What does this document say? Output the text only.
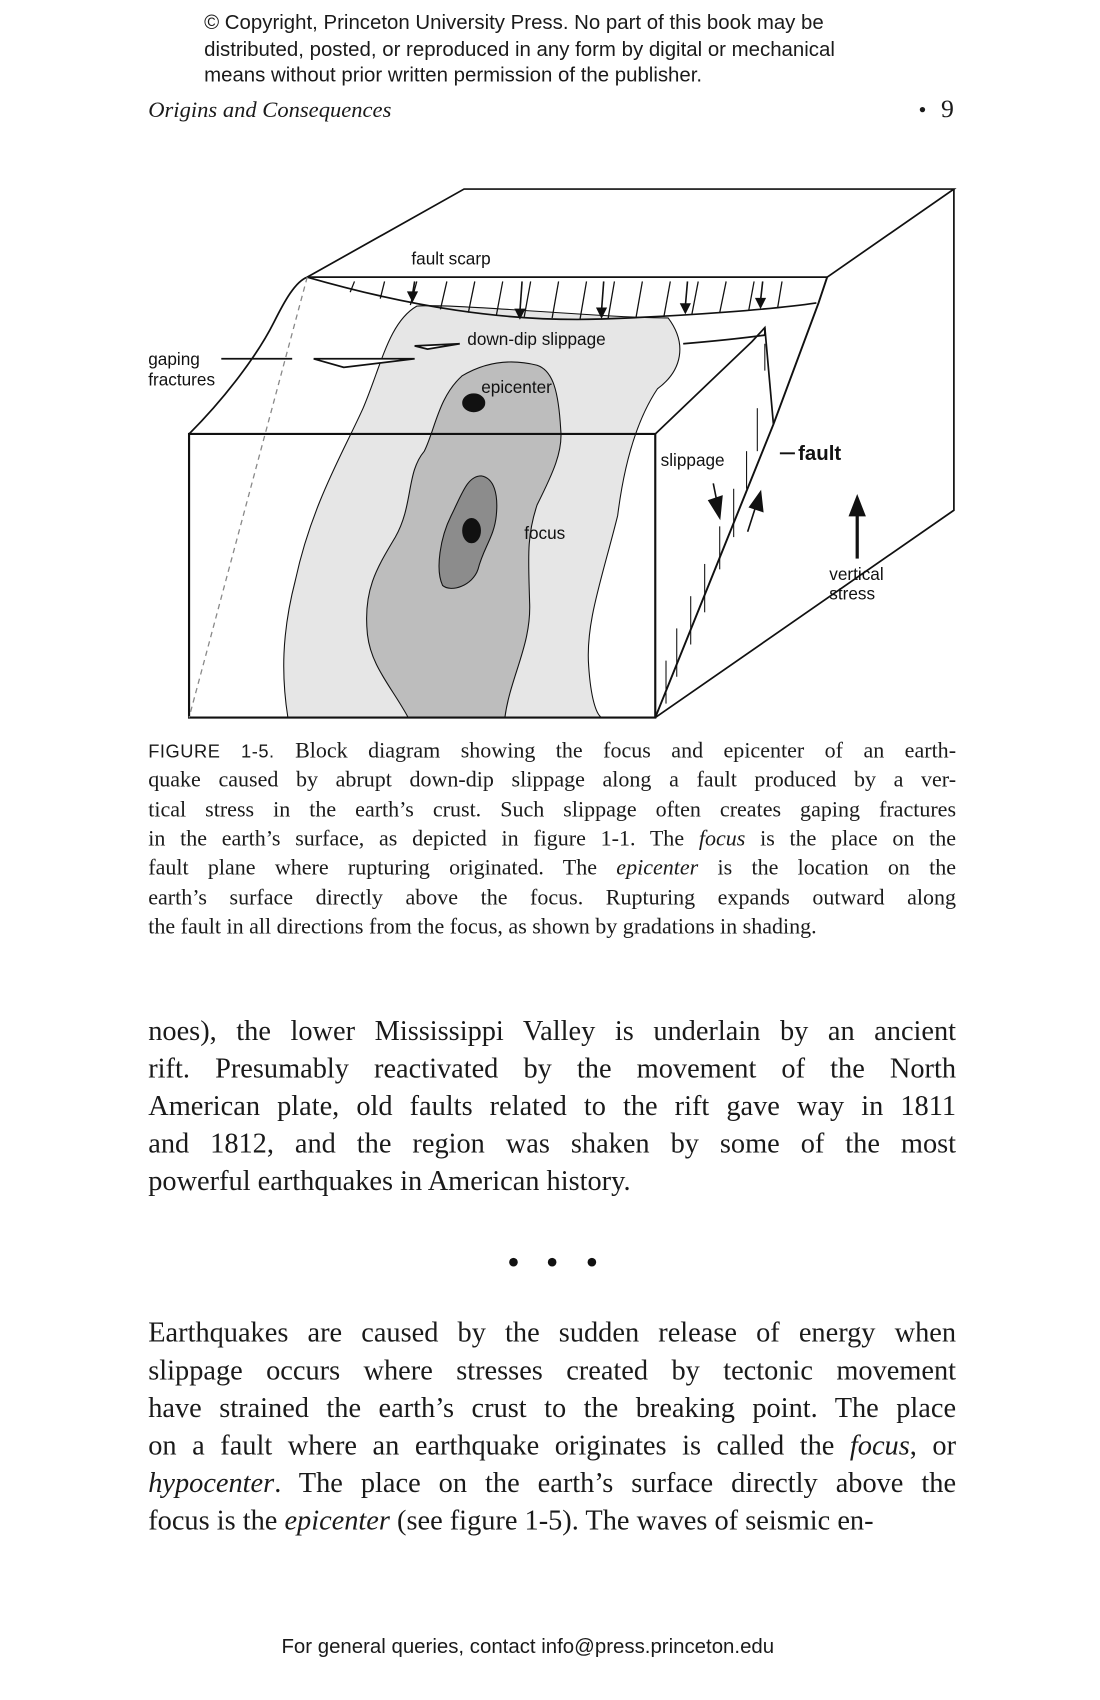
© Copyright, Princeton University Press. No part of this book may be
distributed, posted, or reproduced in any form by digital or mechanical
means without prior written permission of the publisher.
Origins and Consequences	• 9
fault scarp
down-dip slippage
gaping
fractures	epicenter
slippage	fault
focus
vertical
stress
FIGURE 1-5. Block diagram showing the focus and epicenter of an earth-
quake caused by abrupt down-dip slippage along a fault produced by a ver-
tical stress in the earth’s crust. Such slippage often creates gaping fractures
in the earth’s surface, as depicted in figure 1-1. The focus is the place on the
fault plane where rupturing originated. The epicenter is the location on the
earth’s surface directly above the focus. Rupturing expands outward along
the fault in all directions from the focus, as shown by gradations in shading.
noes), the lower Mississippi Valley is underlain by an ancient
rift. Presumably reactivated by the movement of the North
American plate, old faults related to the rift gave way in 1811
and 1812, and the region was shaken by some of the most
powerful earthquakes in American history.
Earthquakes are caused by the sudden release of energy when
slippage occurs where stresses created by tectonic movement
have strained the earth’s crust to the breaking point. The place
on a fault where an earthquake originates is called the focus, or
hypocenter. The place on the earth’s surface directly above the
focus is the epicenter (see figure 1-5). The waves of seismic en-
For general queries, contact info@press.princeton.edu
